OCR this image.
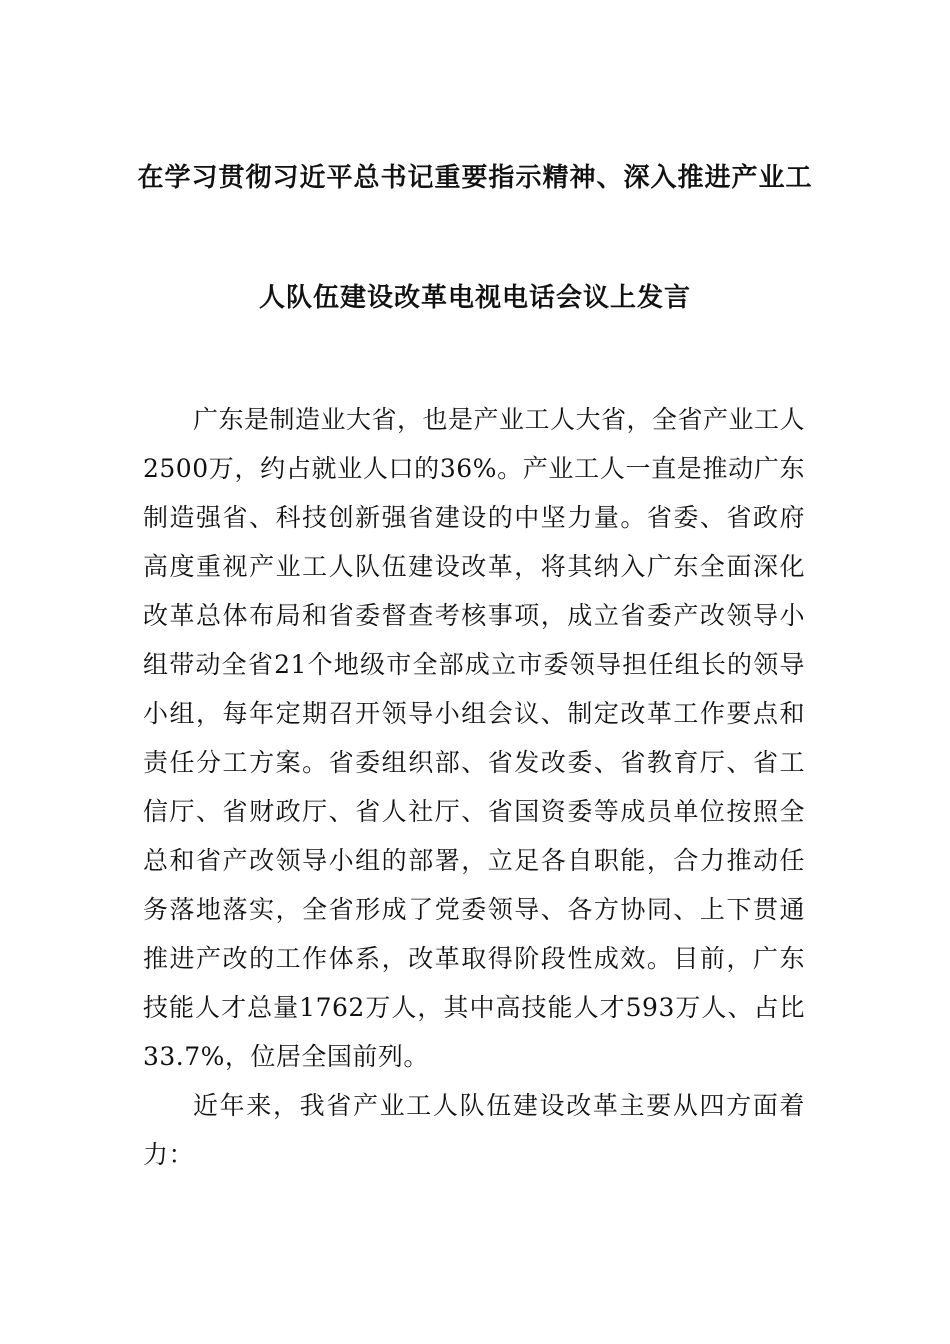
在学习贯彻习近平总书记重要指示精神、深入推进产业工
人队伍建设改革电视电话会议上发言

广东是制造业大省，也是产业工人大省，全省产业工人2500万，约占就业人口的36%。产业工人一直是推动广东制造强省、科技创新强省建设的中坚力量。省委、省政府高度重视产业工人队伍建设改革，将其纳入广东全面深化改革总体布局和省委督查考核事项，成立省委产改领导小组带动全省21个地级市全部成立市委领导担任组长的领导小组，每年定期召开领导小组会议、制定改革工作要点和责任分工方案。省委组织部、省发改委、省教育厅、省工信厅、省财政厅、省人社厅、省国资委等成员单位按照全总和省产改领导小组的部署，立足各自职能，合力推动任务落地落实，全省形成了党委领导、各方协同、上下贯通推进产改的工作体系，改革取得阶段性成效。目前，广东技能人才总量1762万人，其中高技能人才593万人、占比33.7%，位居全国前列。

近年来，我省产业工人队伍建设改革主要从四方面着力：
